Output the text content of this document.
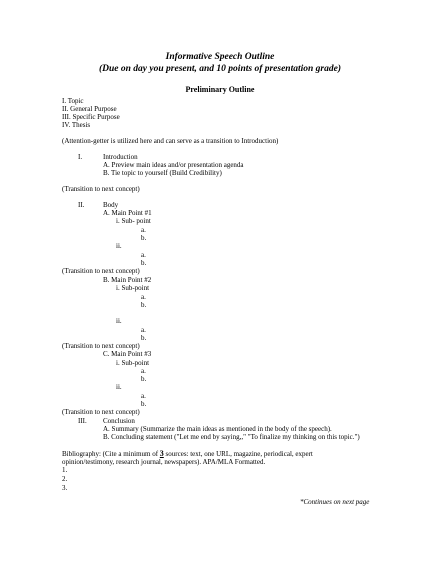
Informative Speech Outline
(Due on day you present, and 10 points of presentation grade)
Preliminary Outline
I. Topic
II. General Purpose
III. Specific Purpose
IV. Thesis
(Attention-getter is utilized here and can serve as a transition to Introduction)
I.	Introduction
A. Preview main ideas and/or presentation agenda
B. Tie topic to yourself (Build Credibility)
(Transition to next concept)
II.	Body
A. Main Point #1
i. Sub- point
a.
b.
ii.
a.
b.
(Transition to next concept)
B. Main Point #2
i. Sub-point
a.
b.
ii.
a.
b.
(Transition to next concept)
C. Main Point #3
i. Sub-point
a.
b.
ii.
a.
b.
(Transition to next concept)
III. Conclusion
A. Summary (Summarize the main ideas as mentioned in the body of the speech).
B. Concluding statement ("Let me end by saying,," "To finalize my thinking on this topic.")
Bibliography: (Cite a minimum of 3 sources: text, one URL, magazine, periodical, expert
opinion/testimony, research journal, newspapers). APA/MLA Formatted.
1.
2.
3.
*Continues on next page
